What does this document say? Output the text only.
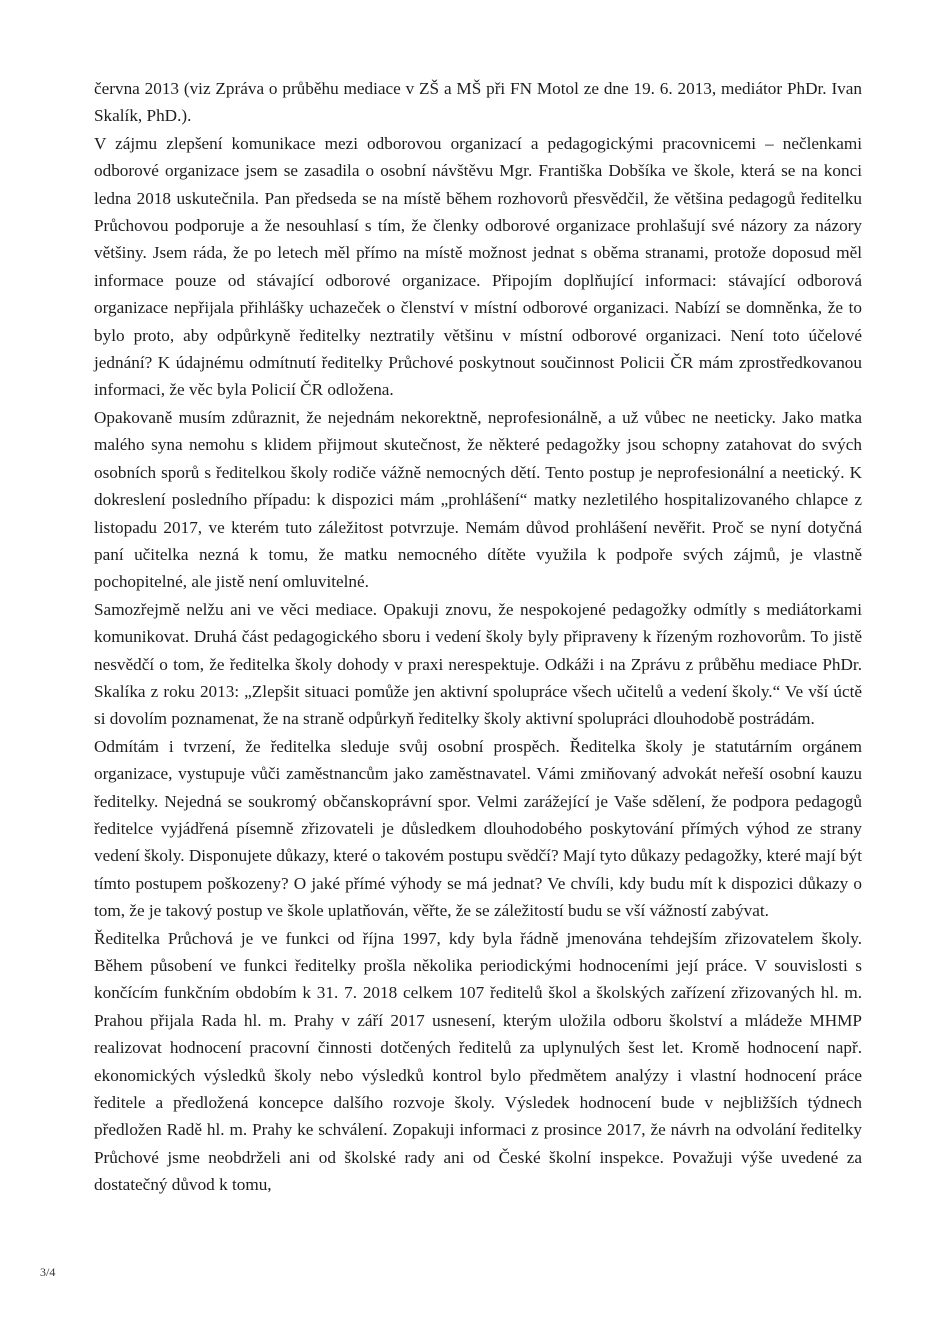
června 2013 (viz Zpráva o průběhu mediace v ZŠ a MŠ při FN Motol ze dne 19. 6. 2013, mediátor PhDr. Ivan Skalík, PhD.).

V zájmu zlepšení komunikace mezi odborovou organizací a pedagogickými pracovnicemi – nečlenkami odborové organizace jsem se zasadila o osobní návštěvu Mgr. Františka Dobšíka ve škole, která se na konci ledna 2018 uskutečnila. Pan předseda se na místě během rozhovorů přesvědčil, že většina pedagogů ředitelku Průchovou podporuje a že nesouhlasí s tím, že členky odborové organizace prohlašují své názory za názory většiny. Jsem ráda, že po letech měl přímo na místě možnost jednat s oběma stranami, protože doposud měl informace pouze od stávající odborové organizace. Připojím doplňující informaci: stávající odborová organizace nepřijala přihlášky uchazeček o členství v místní odborové organizaci. Nabízí se domněnka, že to bylo proto, aby odpůrkyně ředitelky neztratily většinu v místní odborové organizaci. Není toto účelové jednání? K údajnému odmítnutí ředitelky Průchové poskytnout součinnost Policii ČR mám zprostředkovanou informaci, že věc byla Policií ČR odložena.

Opakovaně musím zdůraznit, že nejednám nekorektně, neprofesionálně, a už vůbec ne neeticky. Jako matka malého syna nemohu s klidem přijmout skutečnost, že některé pedagožky jsou schopny zatahovat do svých osobních sporů s ředitelkou školy rodiče vážně nemocných dětí. Tento postup je neprofesionální a neetický. K dokreslení posledního případu: k dispozici mám „prohlášení“ matky nezletilého hospitalizovaného chlapce z listopadu 2017, ve kterém tuto záležitost potvrzuje. Nemám důvod prohlášení nevěřit. Proč se nyní dotyčná paní učitelka nezná k tomu, že matku nemocného dítěte využila k podpoře svých zájmů, je vlastně pochopitelné, ale jistě není omluvitelné.

Samozřejmě nelžu ani ve věci mediace. Opakuji znovu, že nespokojené pedagožky odmítly s mediátorkami komunikovat. Druhá část pedagogického sboru i vedení školy byly připraveny k řízeným rozhovorům. To jistě nesvědčí o tom, že ředitelka školy dohody v praxi nerespektuje. Odkáži i na Zprávu z průběhu mediace PhDr. Skalíka z roku 2013: „Zlepšit situaci pomůže jen aktivní spolupráce všech učitelů a vedení školy.“ Ve vší úctě si dovolím poznamenat, že na straně odpůrkyň ředitelky školy aktivní spolupráci dlouhodobě postrádám.

Odmítám i tvrzení, že ředitelka sleduje svůj osobní prospěch. Ředitelka školy je statutárním orgánem organizace, vystupuje vůči zaměstnancům jako zaměstnavatel. Vámi zmiňovaný advokát neřeší osobní kauzu ředitelky. Nejedná se soukromý občanskoprávní spor. Velmi zarážející je Vaše sdělení, že podpora pedagogů ředitelce vyjádřená písemně zřizovateli je důsledkem dlouhodobého poskytování přímých výhod ze strany vedení školy. Disponujete důkazy, které o takovém postupu svědčí? Mají tyto důkazy pedagožky, které mají být tímto postupem poškozeny? O jaké přímé výhody se má jednat? Ve chvíli, kdy budu mít k dispozici důkazy o tom, že je takový postup ve škole uplatňován, věřte, že se záležitostí budu se vší vážností zabývat.

Ředitelka Průchová je ve funkci od října 1997, kdy byla řádně jmenována tehdejším zřizovatelem školy. Během působení ve funkci ředitelky prošla několika periodickými hodnoceními její práce. V souvislosti s končícím funkčním obdobím k 31. 7. 2018 celkem 107 ředitelů škol a školských zařízení zřizovaných hl. m. Prahou přijala Rada hl. m. Prahy v září 2017 usnesení, kterým uložila odboru školství a mládeže MHMP realizovat hodnocení pracovní činnosti dotčených ředitelů za uplynulých šest let. Kromě hodnocení např. ekonomických výsledků školy nebo výsledků kontrol bylo předmětem analýzy i vlastní hodnocení práce ředitele a předložená koncepce dalšího rozvoje školy. Výsledek hodnocení bude v nejbližších týdnech předložen Radě hl. m. Prahy ke schválení. Zopakuji informaci z prosince 2017, že návrh na odvolání ředitelky Průchové jsme neobdrželi ani od školské rady ani od České školní inspekce. Považuji výše uvedené za dostatečný důvod k tomu,

3/4
